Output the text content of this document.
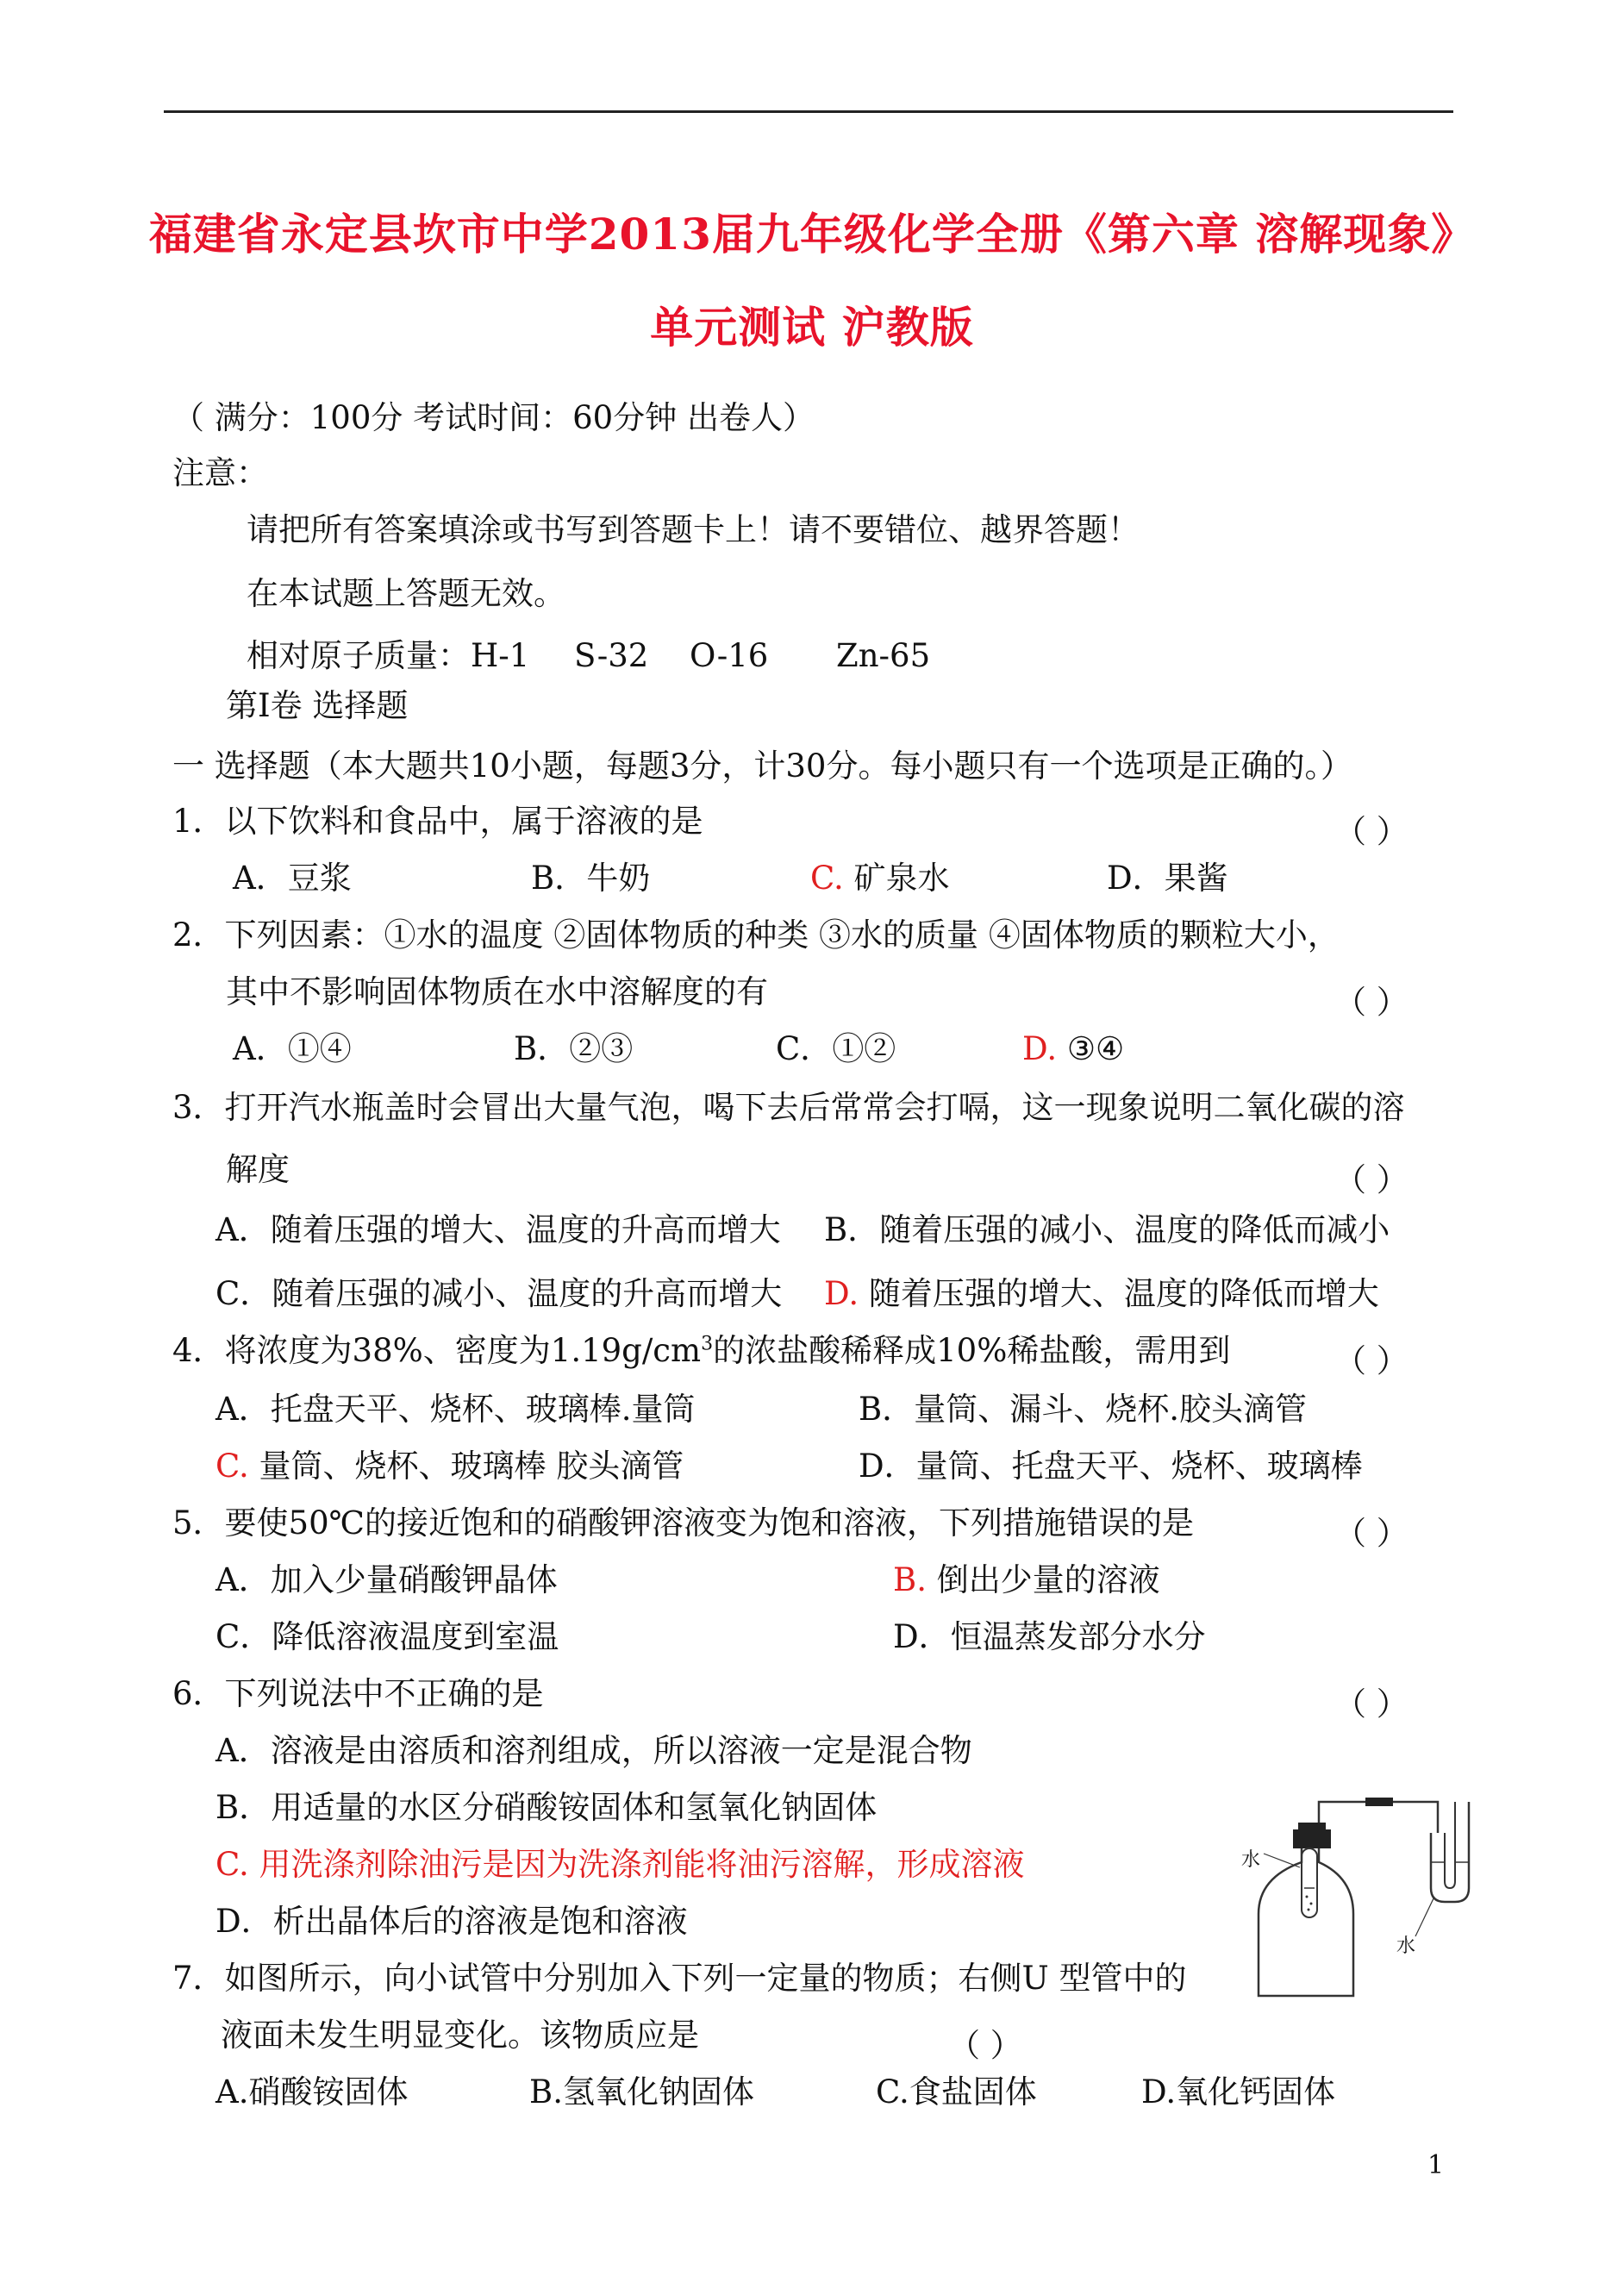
福建省永定县坎市中学2013届九年级化学全册《第六章 溶解现象》
单元测试 沪教版
（ 满分：100分 考试时间：60分钟 出卷人）
注意：
请把所有答案填涂或书写到答题卡上！请不要错位、越界答题！
在本试题上答题无效。
相对原子质量： H-1 S-32 O-16 Zn-65
第Ⅰ卷 选择题
一 选择题（本大题共10小题，每题3分，计30分。每小题只有一个选项是正确的。）
1．以下饮料和食品中，属于溶液的是	（ ）
A．豆浆	B．牛奶	C. 矿泉水	D．果酱
2．下列因素：①水的温度 ②固体物质的种类 ③水的质量 ④固体物质的颗粒大小，
其中不影响固体物质在水中溶解度的有	（ ）
A．①④	B．②③	C．①②	D. ③④
3．打开汽水瓶盖时会冒出大量气泡，喝下去后常常会打嗝，这一现象说明二氧化碳的溶
解度	（ ）
A．随着压强的增大、温度的升高而增大 B．随着压强的减小、温度的降低而减小
C．随着压强的减小、温度的升高而增大 D. 随着压强的增大、温度的降低而增大
4．将浓度为38%、密度为$1.19g/cm^3$的浓盐酸稀释成10%稀盐酸，需用到	（ ）
A．托盘天平、烧杯、玻璃棒.量筒	B．量筒、漏斗、烧杯.胶头滴管
C. 量筒、烧杯、玻璃棒 胶头滴管	D．量筒、托盘天平、烧杯、玻璃棒
5．要使50℃的接近饱和的硝酸钾溶液变为饱和溶液，下列措施错误的是	（ ）
A．加入少量硝酸钾晶体	B. 倒出少量的溶液
C．降低溶液温度到室温	D．恒温蒸发部分水分
6．下列说法中不正确的是	（ ）
A．溶液是由溶质和溶剂组成，所以溶液一定是混合物
B．用适量的水区分硝酸铵固体和氢氧化钠固体
C. 用洗涤剂除油污是因为洗涤剂能将油污溶解，形成溶液
D．析出晶体后的溶液是饱和溶液
7．如图所示，向小试管中分别加入下列一定量的物质；右侧U 型管中的
液面未发生明显变化。该物质应是	（ ）
A.硝酸铵固体	B.氢氧化钠固体	C.食盐固体	D.氧化钙固体
水
水
1
